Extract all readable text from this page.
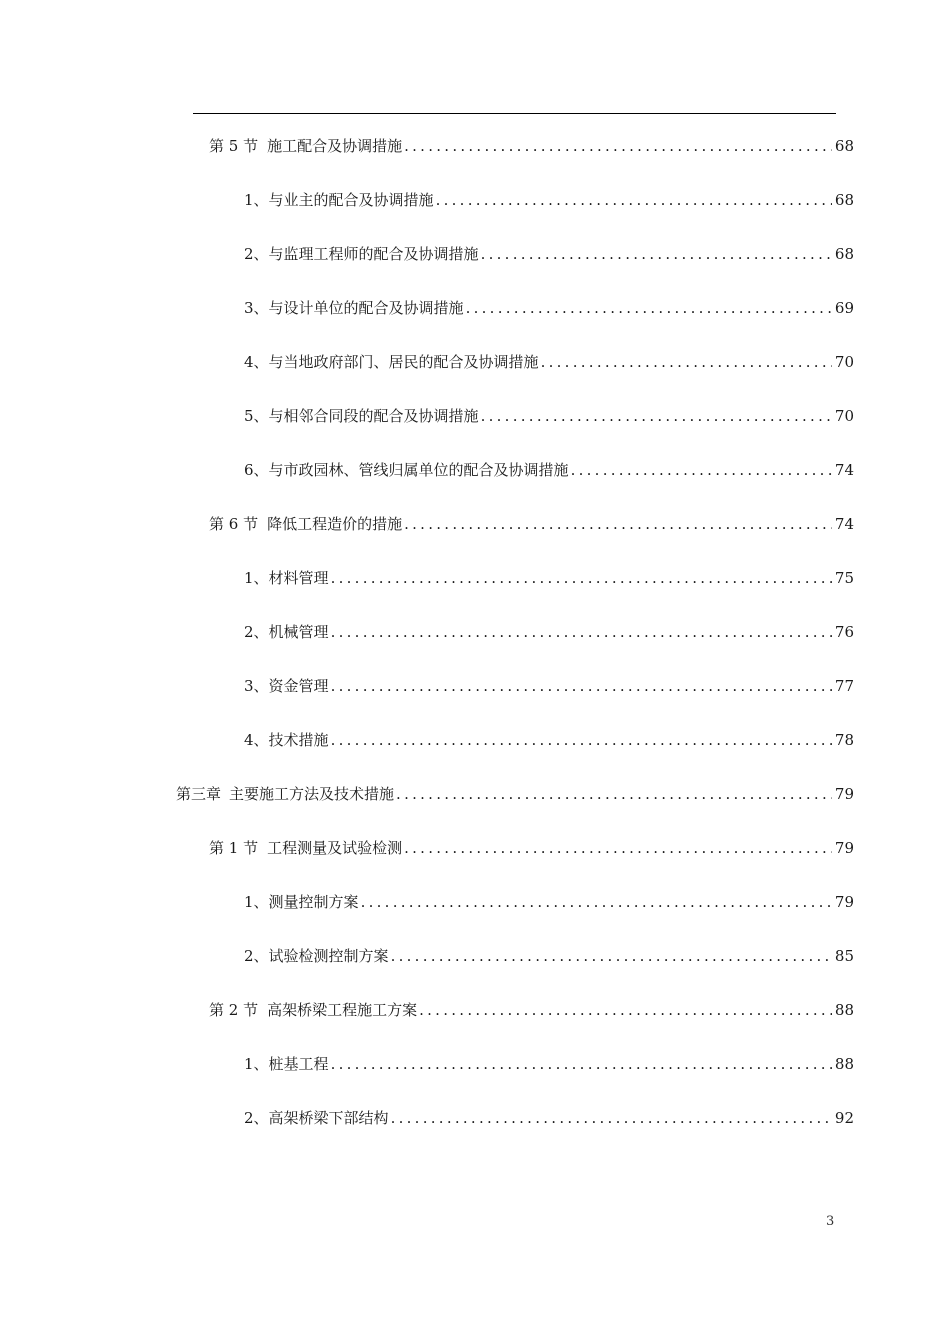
第 5 节 施工配合及协调措施 . . .	68
1、 与业主的配合及协调措施 . . .	68
2、 与监理工程师的配合及协调措施 . . .	68
3、 与设计单位的配合及协调措施 . . .	69
4、 与当地政府部门、居民的配合及协调措施 . . .	70
5、 与相邻合同段的配合及协调措施 . . .	70
6、 与市政园林、管线归属单位的配合及协调措施 . . .	74
第 6 节 降低工程造价的措施 . . .	74
1、 材料管理 . . .	75
2、 机械管理 . . .	76
3、 资金管理 . . .	77
4、 技术措施 . . .	78
第三章 主要施工方法及技术措施 . . .	79
第 1 节 工程测量及试验检测 . . .	79
1、 测量控制方案 . . .	79
2、 试验检测控制方案 . . .	85
第 2 节 高架桥梁工程施工方案 . . .	88
1、 桩基工程 . . .	88
2、 高架桥梁下部结构 . . .	92
3
